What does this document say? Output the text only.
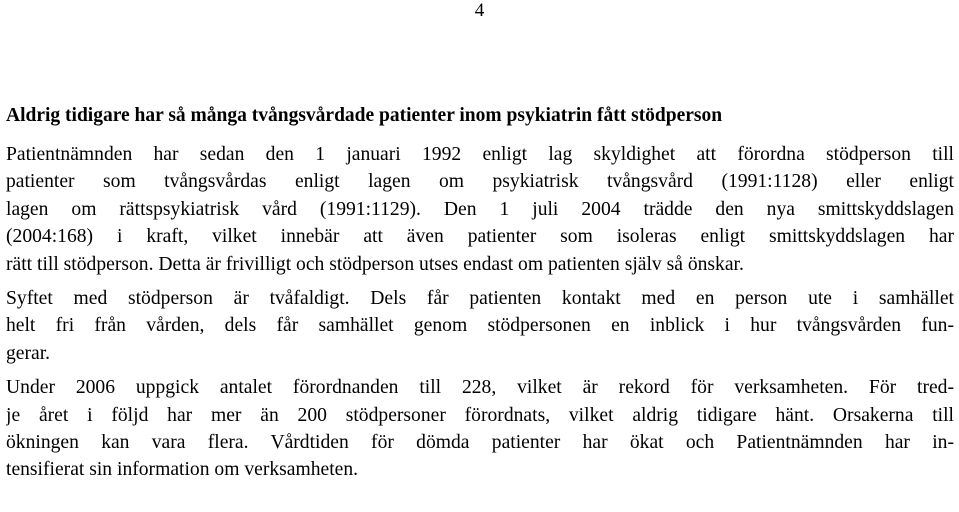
4
Aldrig tidigare har så många tvångsvårdade patienter inom psykiatrin fått stödperson
Patientnämnden har sedan den 1 januari 1992 enligt lag skyldighet att förordna stödperson till
patienter som tvångsvårdas enligt lagen om psykiatrisk tvångsvård (1991:1128) eller enligt
lagen om rättspsykiatrisk vård (1991:1129). Den 1 juli 2004 trädde den nya smittskyddslagen
(2004:168) i kraft, vilket innebär att även patienter som isoleras enligt smittskyddslagen har
rätt till stödperson. Detta är frivilligt och stödperson utses endast om patienten själv så önskar.
Syftet med stödperson är tvåfaldigt. Dels får patienten kontakt med en person ute i samhället
helt fri från vården, dels får samhället genom stödpersonen en inblick i hur tvångsvården fun-
gerar.
Under 2006 uppgick antalet förordnanden till 228, vilket är rekord för verksamheten. För tred-
je året i följd har mer än 200 stödpersoner förordnats, vilket aldrig tidigare hänt. Orsakerna till
ökningen kan vara flera. Vårdtiden för dömda patienter har ökat och Patientnämnden har in-
tensifierat sin information om verksamheten.
